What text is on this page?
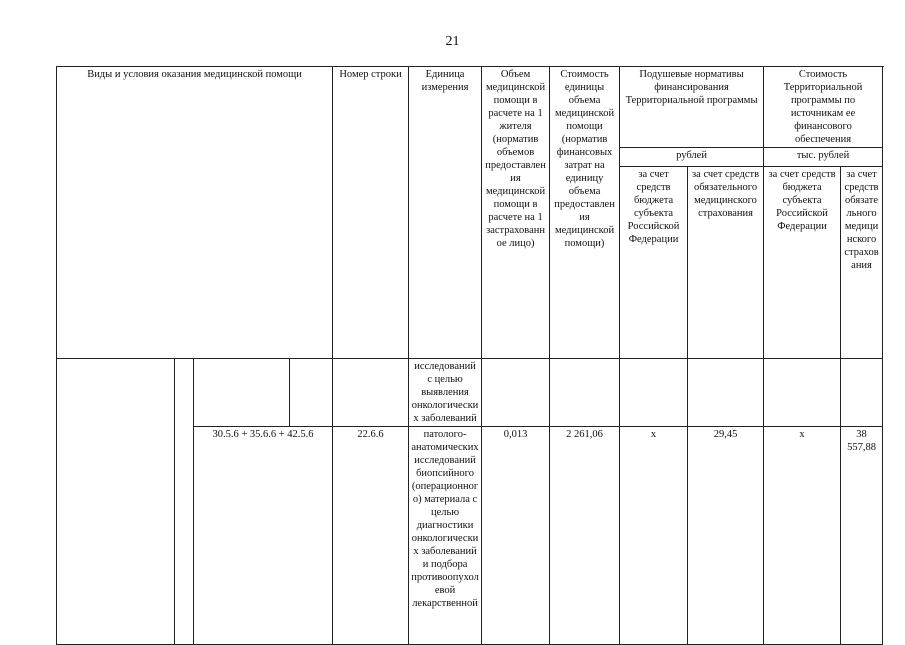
21
Виды и условия оказания медицинской помощи				Номер строки	Единица измерения	Объем медицинской помощи в расчете на 1 жителя (норматив объемов предоставления медицинской помощи в расчете на 1 застрахованное лицо)	Стоимость единицы объема медицинской помощи (норматив финансовых затрат на единицу объема предоставления медицинской помощи)	Подушевые нормативы финансирования Территориальной программы		Стоимость Территориальной программы по источникам ее финансового обеспечения		

								рублей		тыс. рублей

								за счет средств бюджета субъекта Российской Федерации	за счет средств обязательного медицинского страхования	за счет средств бюджета субъекта Российской Федерации	за счет средств обязательного медицинского страхования	

					исследований с целью выявления онкологических заболеваний							

		30.5.6 + 35.6.6 + 42.5.6		22.6.6	патолого-анатомических исследований биопсийного (операционного) материала с целью диагностики онкологических заболеваний и подбора противоопухолевой лекарственной	0,013	2 261,06	х	29,45	х	38 557,88
